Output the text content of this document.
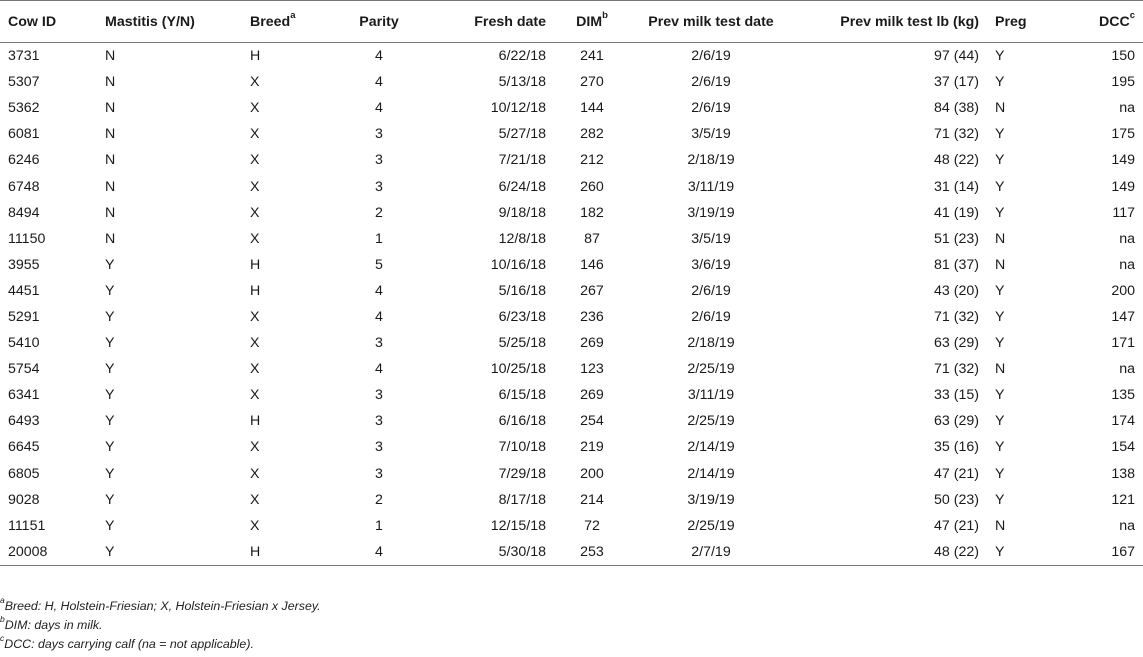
Cow ID	Mastitis (Y/N)	Breed$^a$	Parity	Fresh date	DIM$^b$	Prev milk test date	Prev milk test lb (kg)	Preg	DCC$^c$
3731	N	H	4	6/22/18	241	2/6/19	97 (44)	Y	150
5307	N	X	4	5/13/18	270	2/6/19	37 (17)	Y	195
5362	N	X	4	10/12/18	144	2/6/19	84 (38)	N	na
6081	N	X	3	5/27/18	282	3/5/19	71 (32)	Y	175
6246	N	X	3	7/21/18	212	2/18/19	48 (22)	Y	149
6748	N	X	3	6/24/18	260	3/11/19	31 (14)	Y	149
8494	N	X	2	9/18/18	182	3/19/19	41 (19)	Y	117
11150	N	X	1	12/8/18	87	3/5/19	51 (23)	N	na
3955	Y	H	5	10/16/18	146	3/6/19	81 (37)	N	na
4451	Y	H	4	5/16/18	267	2/6/19	43 (20)	Y	200
5291	Y	X	4	6/23/18	236	2/6/19	71 (32)	Y	147
5410	Y	X	3	5/25/18	269	2/18/19	63 (29)	Y	171
5754	Y	X	4	10/25/18	123	2/25/19	71 (32)	N	na
6341	Y	X	3	6/15/18	269	3/11/19	33 (15)	Y	135
6493	Y	H	3	6/16/18	254	2/25/19	63 (29)	Y	174
6645	Y	X	3	7/10/18	219	2/14/19	35 (16)	Y	154
6805	Y	X	3	7/29/18	200	2/14/19	47 (21)	Y	138
9028	Y	X	2	8/17/18	214	3/19/19	50 (23)	Y	121
11151	Y	X	1	12/15/18	72	2/25/19	47 (21)	N	na
20008	Y	H	4	5/30/18	253	2/7/19	48 (22)	Y	167
$^a$Breed: H, Holstein-Friesian; X, Holstein-Friesian x Jersey.
$^b$DIM: days in milk.
$^c$DCC: days carrying calf (na = not applicable).
